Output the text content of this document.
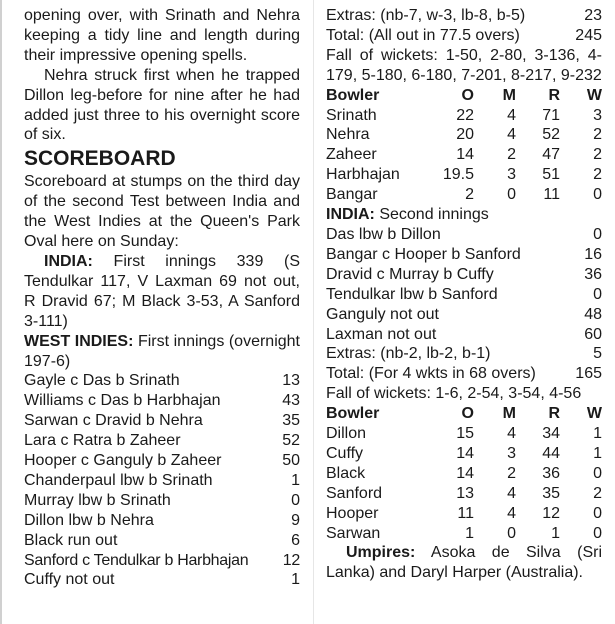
opening over, with Srinath and Nehra keeping a tidy line and length during their impressive opening spells.
Nehra struck first when he trapped Dillon leg-before for nine after he had added just three to his overnight score of six.
SCOREBOARD
Scoreboard at stumps on the third day of the second Test between India and the West Indies at the Queen's Park Oval here on Sunday:
INDIA: First innings 339 (S Tendulkar 117, V Laxman 69 not out, R Dravid 67; M Black 3-53, A Sanford 3-111)
WEST INDIES: First innings (overnight 197-6)
Gayle c Das b Srinath	13
Williams c Das b Harbhajan	43
Sarwan c Dravid b Nehra	35
Lara c Ratra b Zaheer	52
Hooper c Ganguly b Zaheer	50
Chanderpaul lbw b Srinath	1
Murray lbw b Srinath	0
Dillon lbw b Nehra	9
Black run out	6
Sanford c Tendulkar b Harbhajan	12
Cuffy not out	1
Extras: (nb-7, w-3, lb-8, b-5)	23
Total: (All out in 77.5 overs)	245
Fall of wickets: 1-50, 2-80, 3-136, 4-179, 5-180, 6-180, 7-201, 8-217, 9-232
Bowler	O	M	R	W
Srinath	22	4	71	3
Nehra	20	4	52	2
Zaheer	14	2	47	2
Harbhajan	19.5	3	51	2
Bangar	2	0	11	0
INDIA: Second innings
Das lbw b Dillon	0
Bangar c Hooper b Sanford	16
Dravid c Murray b Cuffy	36
Tendulkar lbw b Sanford	0
Ganguly not out	48
Laxman not out	60
Extras: (nb-2, lb-2, b-1)	5
Total: (For 4 wkts in 68 overs) 165
Fall of wickets: 1-6, 2-54, 3-54, 4-56
Bowler	O	M	R	W
Dillon	15	4	34	1
Cuffy	14	3	44	1
Black	14	2	36	0
Sanford	13	4	35	2
Hooper	11	4	12	0
Sarwan	1	0	1	0
Umpires: Asoka de Silva (Sri Lanka) and Daryl Harper (Australia).
